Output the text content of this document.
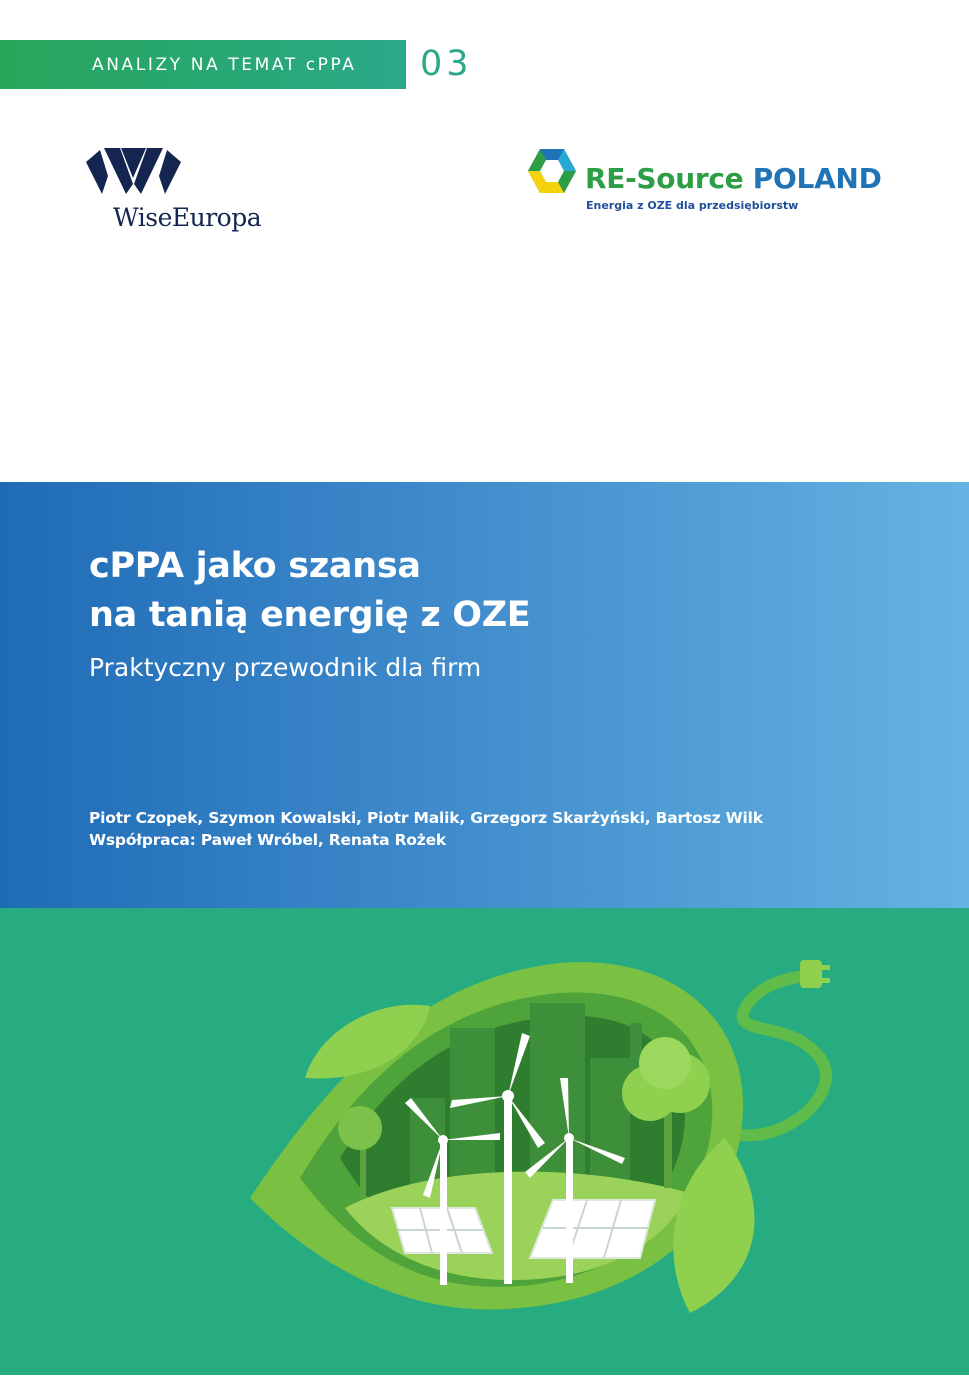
ANALIZY NA TEMAT cPPA 03
WiseEuropa
RE-Source POLAND
Energia z OZE dla przedsiębiorstw
cPPA jako szansa
na tanią energię z OZE
Praktyczny przewodnik dla firm
Piotr Czopek, Szymon Kowalski, Piotr Malik, Grzegorz Skarżyński, Bartosz Wilk
Współpraca: Paweł Wróbel, Renata Rożek
